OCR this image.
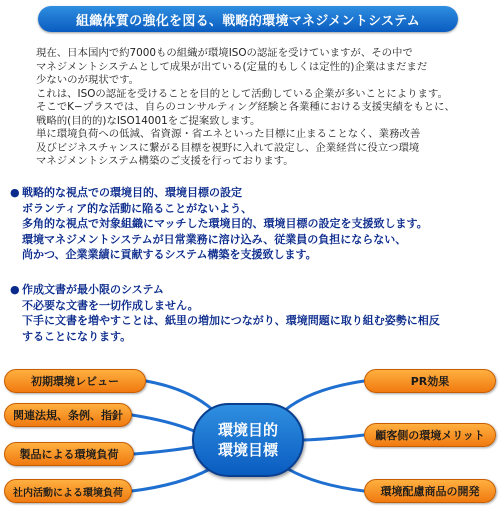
組織体質の強化を図る、戦略的環境マネジメントシステム

現在、日本国内で約7000もの組織が環境ISOの認証を受けていますが、その中で

マネジメントシステムとして成果が出ている(定量的もしくは定性的)企業はまだまだ

少ないのが現状です。

これは、ISOの認証を受けることを目的として活動している企業が多いことによります。

そこでK−プラスでは、自らのコンサルティング経験と各業種における支援実績をもとに、

戦略的(目的的)なISO14001をご提案致します。

単に環境負荷への低減、省資源・省エネといった目標に止まることなく、業務改善

及びビジネスチャンスに繋がる目標を視野に入れて設定し、企業経営に役立つ環境

マネジメントシステム構築のご支援を行っております。

● 戦略的な視点での環境目的、環境目標の設定
ボランティア的な活動に陥ることがないよう、
多角的な視点で対象組織にマッチした環境目的、環境目標の設定を支援致します。
環境マネジメントシステムが日常業務に溶け込み、従業員の負担にならない、
尚かつ、企業業績に貢献するシステム構築を支援致します。
● 作成文書が最小限のシステム
不必要な文書を一切作成しません。
下手に文書を増やすことは、紙里の増加につながり、環境問題に取り組む姿勢に相反
することになります。
初期環境レビュー
関連法規、条例、指針
製品による環境負荷
社内活動による環境負荷
PR効果
顧客側の環境メリット
環境配慮商品の開発
環境目的
環境目標
